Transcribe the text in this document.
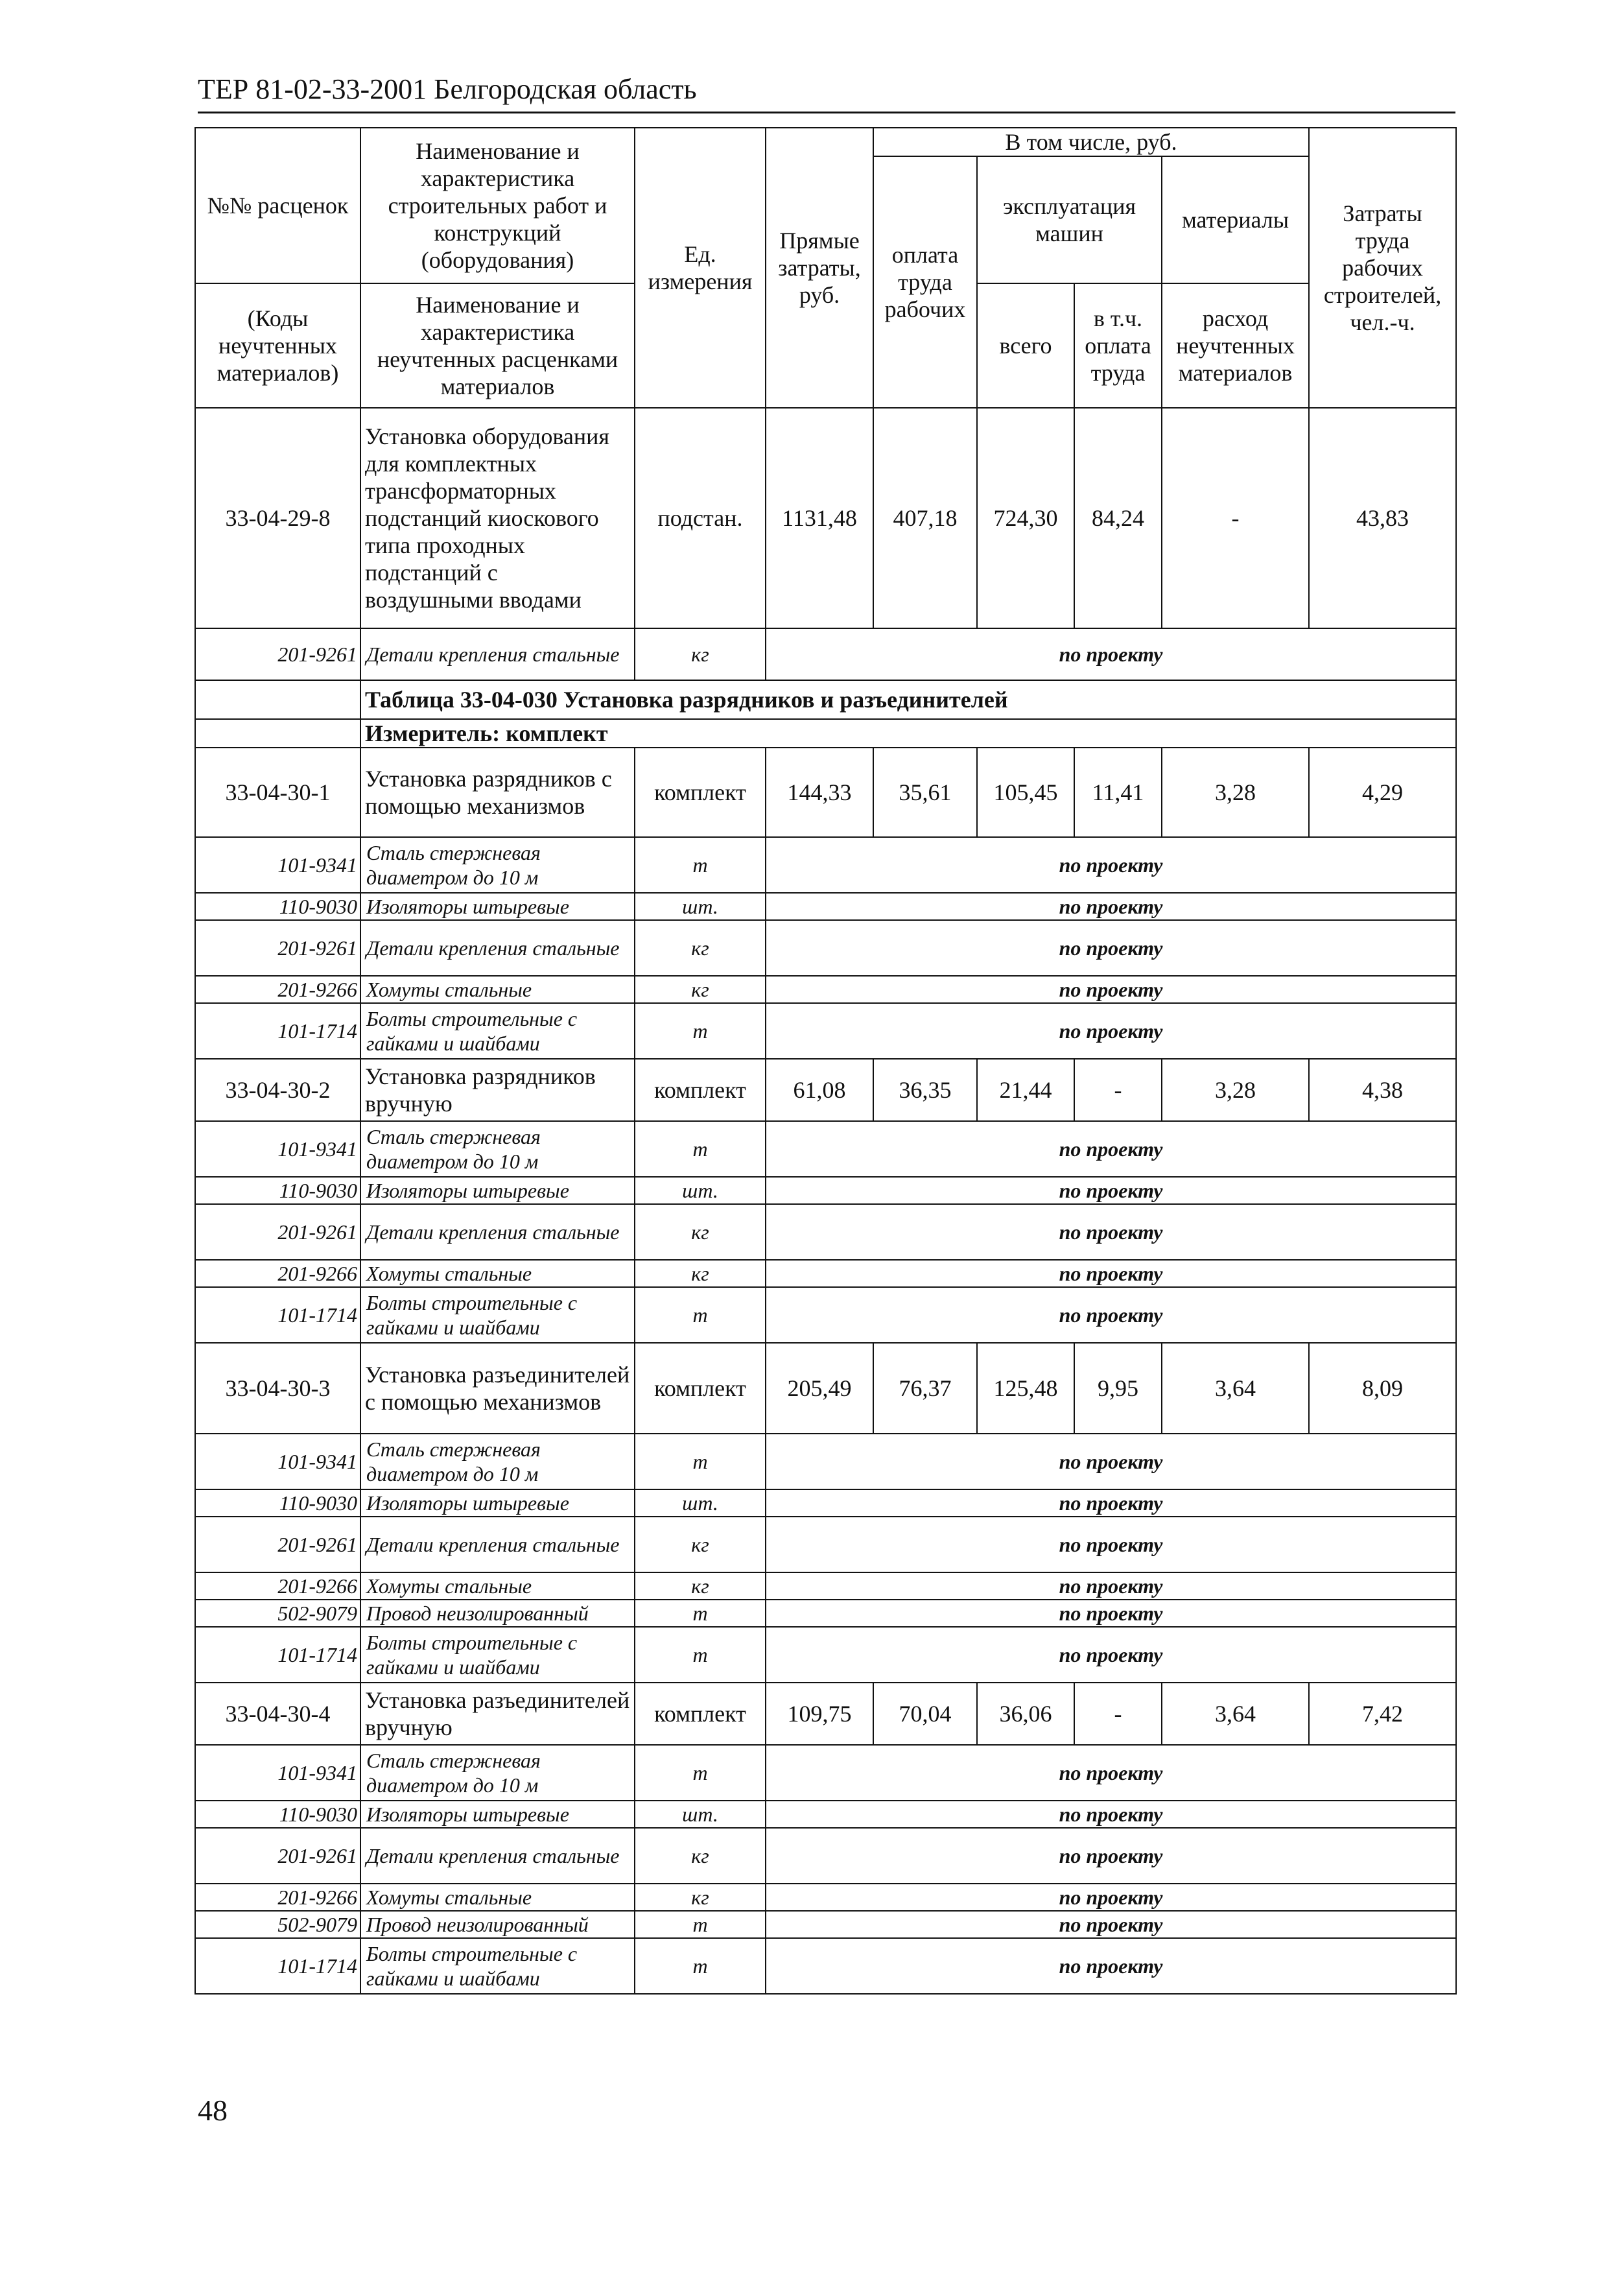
ТЕР 81-02-33-2001 Белгородская область
№№ расценок	Наименование и характеристика строительных работ и конструкций (оборудования)	Ед. измерения	Прямые затраты, руб.	В том числе, руб.				Затраты труда рабочих строителей, чел.-ч.
				оплата труда рабочих	эксплуатация машин		материалы	
(Коды неучтенных материалов)	Наименование и характеристика неучтенных расценками материалов				всего	в т.ч. оплата труда	расход неучтенных материалов	
33-04-29-8	Установка оборудования для комплектных трансформаторных подстанций киоскового типа проходных подстанций с воздушными вводами	подстан.	1131,48	407,18	724,30	84,24	-	43,83
201-9261	Детали крепления стальные	кг	по проекту					
	Таблица 33-04-030 Установка разрядников и разъединителей							
	Измеритель: комплект							
33-04-30-1	Установка разрядников с помощью механизмов	комплект	144,33	35,61	105,45	11,41	3,28	4,29
101-9341	Сталь стержневая диаметром до 10 м	т	по проекту					
110-9030	Изоляторы штыревые	шт.	по проекту					
201-9261	Детали крепления стальные	кг	по проекту					
201-9266	Хомуты стальные	кг	по проекту					
101-1714	Болты строительные с гайками и шайбами	т	по проекту					
33-04-30-2	Установка разрядников вручную	комплект	61,08	36,35	21,44	-	3,28	4,38
101-9341	Сталь стержневая диаметром до 10 м	т	по проекту					
110-9030	Изоляторы штыревые	шт.	по проекту					
201-9261	Детали крепления стальные	кг	по проекту					
201-9266	Хомуты стальные	кг	по проекту					
101-1714	Болты строительные с гайками и шайбами	т	по проекту					
33-04-30-3	Установка разъединителей с помощью механизмов	комплект	205,49	76,37	125,48	9,95	3,64	8,09
101-9341	Сталь стержневая диаметром до 10 м	т	по проекту					
110-9030	Изоляторы штыревые	шт.	по проекту					
201-9261	Детали крепления стальные	кг	по проекту					
201-9266	Хомуты стальные	кг	по проекту					
502-9079	Провод неизолированный	т	по проекту					
101-1714	Болты строительные с гайками и шайбами	т	по проекту					
33-04-30-4	Установка разъединителей вручную	комплект	109,75	70,04	36,06	-	3,64	7,42
101-9341	Сталь стержневая диаметром до 10 м	т	по проекту					
110-9030	Изоляторы штыревые	шт.	по проекту					
201-9261	Детали крепления стальные	кг	по проекту					
201-9266	Хомуты стальные	кг	по проекту					
502-9079	Провод неизолированный	т	по проекту					
101-1714	Болты строительные с гайками и шайбами	т	по проекту					
48
